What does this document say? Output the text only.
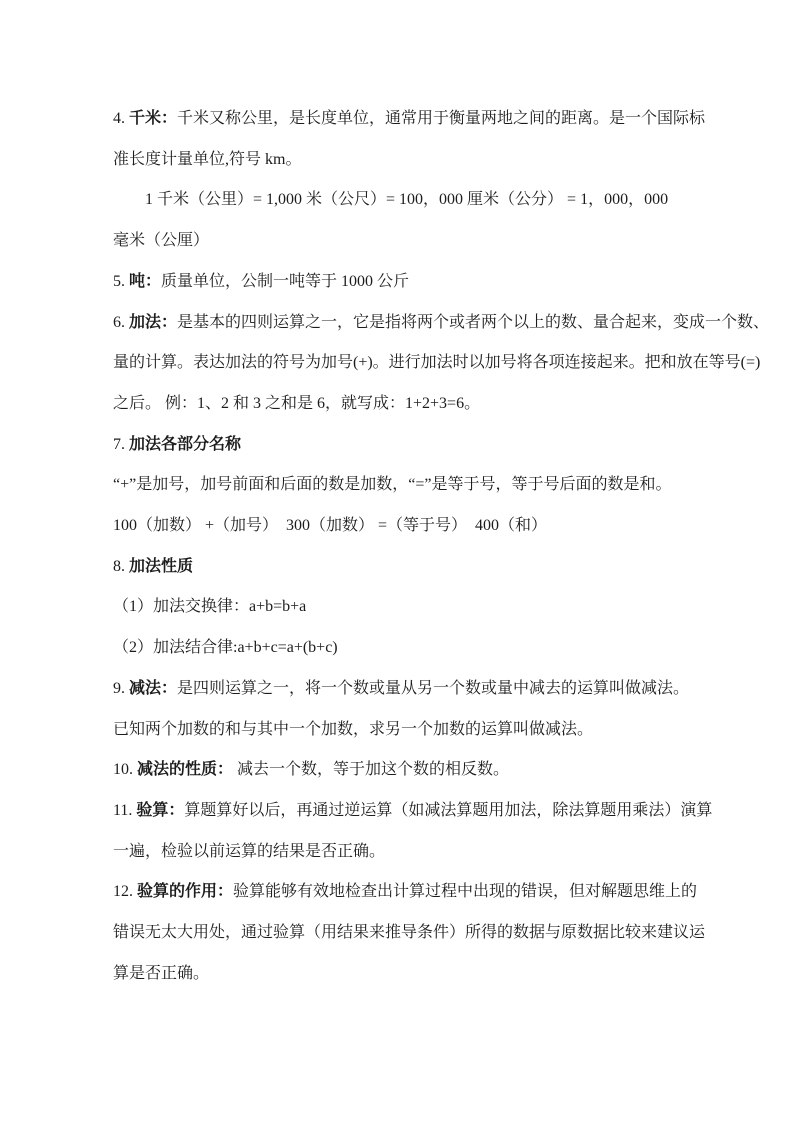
4. 千米：千米又称公里，是长度单位，通常用于衡量两地之间的距离。是一个国际标
准长度计量单位,符号 km。
1 千米（公里）= 1,000 米（公尺）= 100，000 厘米（公分） = 1，000，000
毫米（公厘）
5. 吨：质量单位，公制一吨等于 1000 公斤
6. 加法：是基本的四则运算之一，它是指将两个或者两个以上的数、量合起来，变成一个数、
量的计算。表达加法的符号为加号(+)。进行加法时以加号将各项连接起来。把和放在等号(=)
之后。 例：1、2 和 3 之和是 6，就写成：1+2+3=6。
7. 加法各部分名称
“+”是加号，加号前面和后面的数是加数，“=”是等于号，等于号后面的数是和。
100（加数） +（加号）  300（加数） =（等于号）  400（和）
8. 加法性质
（1）加法交换律：a+b=b+a
（2）加法结合律:a+b+c=a+(b+c)
9. 减法：是四则运算之一，将一个数或量从另一个数或量中减去的运算叫做减法。
已知两个加数的和与其中一个加数，求另一个加数的运算叫做减法。
10. 减法的性质： 减去一个数，等于加这个数的相反数。
11. 验算：算题算好以后，再通过逆运算（如减法算题用加法，除法算题用乘法）演算
一遍，检验以前运算的结果是否正确。
12. 验算的作用：验算能够有效地检查出计算过程中出现的错误，但对解题思维上的
错误无太大用处，通过验算（用结果来推导条件）所得的数据与原数据比较来建议运
算是否正确。
